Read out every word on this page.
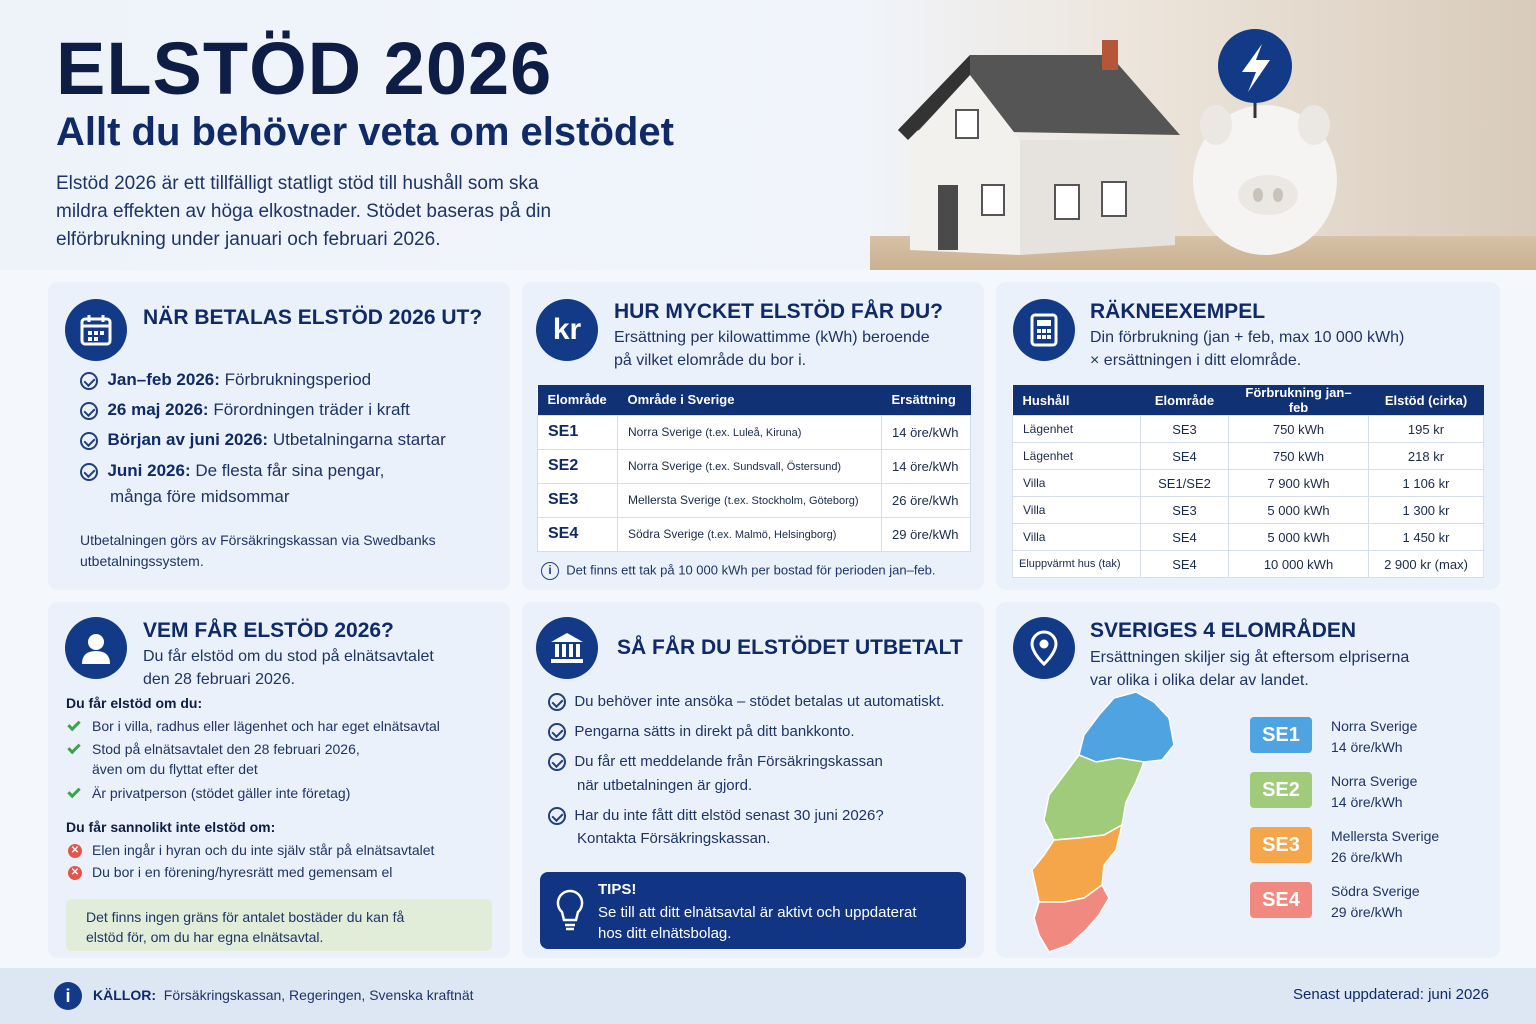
ELSTÖD 2026
Allt du behöver veta om elstödet
Elstöd 2026 är ett tillfälligt statligt stöd till hushåll som ska
mildra effekten av höga elkostnader. Stödet baseras på din
elförbrukning under januari och februari 2026.
NÄR BETALAS ELSTÖD 2026 UT?
Jan–feb 2026: Förbrukningsperiod
26 maj 2026: Förordningen träder i kraft
Början av juni 2026: Utbetalningarna startar
Juni 2026: De flesta får sina pengar,
många före midsommar
Utbetalningen görs av Försäkringskassan via Swedbanks
utbetalningssystem.
kr
HUR MYCKET ELSTÖD FÅR DU?
Ersättning per kilowattimme (kWh) beroende
på vilket elområde du bor i.
Elområde	Område i Sverige	Ersättning
SE1	Norra Sverige (t.ex. Luleå, Kiruna)	14 öre/kWh
SE2	Norra Sverige (t.ex. Sundsvall, Östersund)	14 öre/kWh
SE3	Mellersta Sverige (t.ex. Stockholm, Göteborg)	26 öre/kWh
SE4	Södra Sverige (t.ex. Malmö, Helsingborg)	29 öre/kWh
i Det finns ett tak på 10 000 kWh per bostad för perioden jan–feb.
RÄKNEEXEMPEL
Din förbrukning (jan + feb, max 10 000 kWh)
× ersättningen i ditt elområde.
Hushåll	Elområde	Förbrukning jan–feb	Elstöd (cirka)
Lägenhet	SE3	750 kWh	195 kr
Lägenhet	SE4	750 kWh	218 kr
Villa	SE1/SE2	7 900 kWh	1 106 kr
Villa	SE3	5 000 kWh	1 300 kr
Villa	SE4	5 000 kWh	1 450 kr
Eluppvärmt hus (tak)	SE4	10 000 kWh	2 900 kr (max)
VEM FÅR ELSTÖD 2026?
Du får elstöd om du stod på elnätsavtalet
den 28 februari 2026.
Du får elstöd om du:
Bor i villa, radhus eller lägenhet och har eget elnätsavtal
Stod på elnätsavtalet den 28 februari 2026,
även om du flyttat efter det
Är privatperson (stödet gäller inte företag)
Du får sannolikt inte elstöd om:
✕ Elen ingår i hyran och du inte själv står på elnätsavtalet
✕ Du bor i en förening/hyresrätt med gemensam el
Det finns ingen gräns för antalet bostäder du kan få
elstöd för, om du har egna elnätsavtal.
SÅ FÅR DU ELSTÖDET UTBETALT
Du behöver inte ansöka – stödet betalas ut automatiskt.
Pengarna sätts in direkt på ditt bankkonto.
Du får ett meddelande från Försäkringskassan
när utbetalningen är gjord.
Har du inte fått ditt elstöd senast 30 juni 2026?
Kontakta Försäkringskassan.
TIPS!
Se till att ditt elnätsavtal är aktivt och uppdaterat
hos ditt elnätsbolag.
SVERIGES 4 ELOMRÅDEN
Ersättningen skiljer sig åt eftersom elpriserna
var olika i olika delar av landet.
SE1	Norra Sverige
14 öre/kWh
SE2	Norra Sverige
14 öre/kWh
SE3	Mellersta Sverige
26 öre/kWh
SE4	Södra Sverige
29 öre/kWh
i	KÄLLOR: Försäkringskassan, Regeringen, Svenska kraftnät	Senast uppdaterad: juni 2026
